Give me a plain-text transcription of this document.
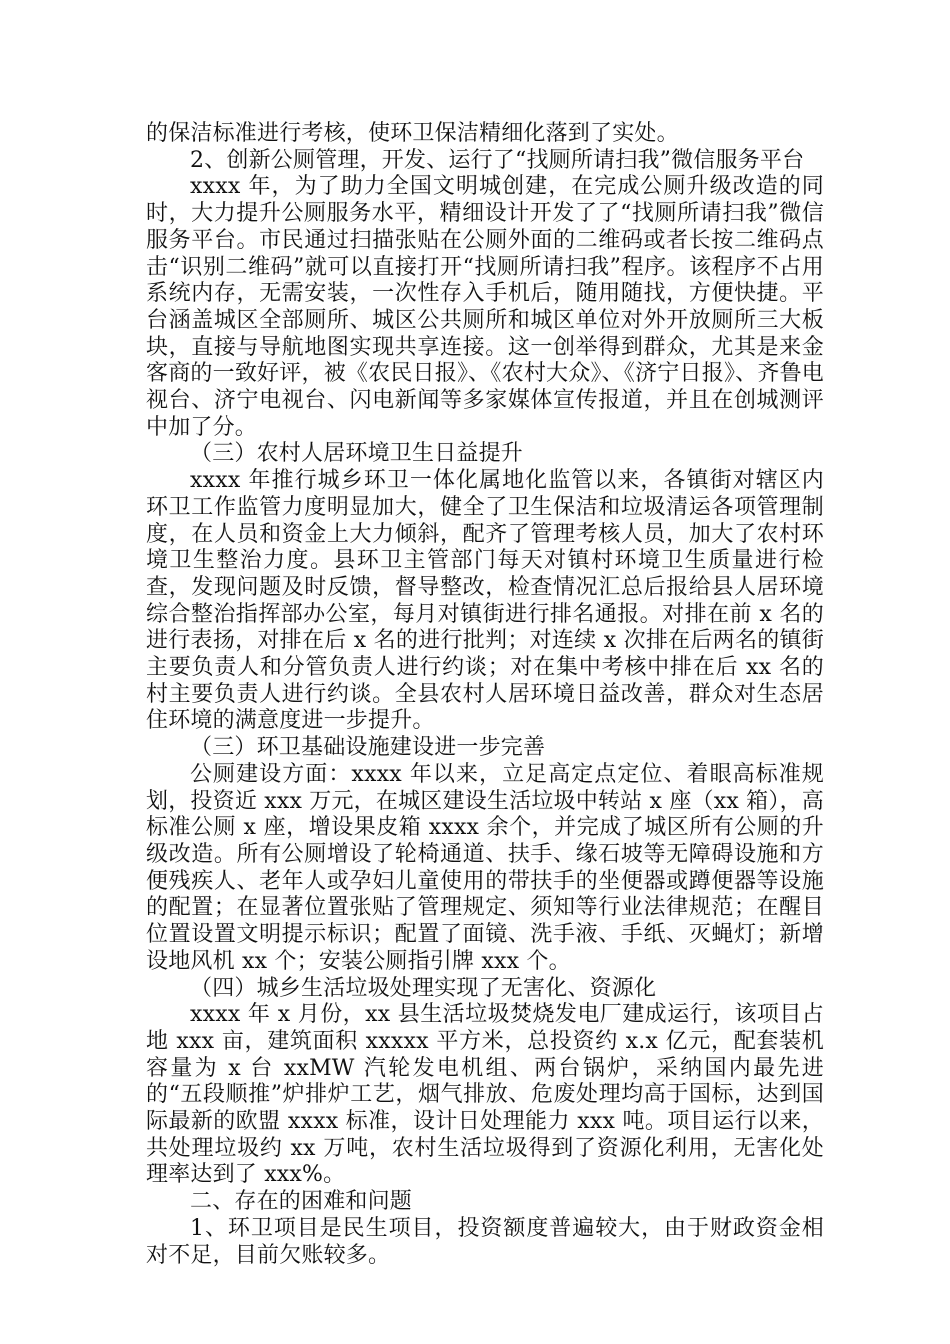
的保洁标准进行考核，使环卫保洁精细化落到了实处。

2、创新公厕管理，开发、运行了“找厕所请扫我”微信服务平台

xxxx 年，为了助力全国文明城创建，在完成公厕升级改造的同时，大力提升公厕服务水平，精细设计开发了了“找厕所请扫我”微信服务平台。市民通过扫描张贴在公厕外面的二维码或者长按二维码点击“识别二维码”就可以直接打开“找厕所请扫我”程序。该程序不占用系统内存，无需安装，一次性存入手机后，随用随找，方便快捷。平台涵盖城区全部厕所、城区公共厕所和城区单位对外开放厕所三大板块，直接与导航地图实现共享连接。这一创举得到群众，尤其是来金客商的一致好评，被《农民日报》、《农村大众》、《济宁日报》、齐鲁电视台、济宁电视台、闪电新闻等多家媒体宣传报道，并且在创城测评中加了分。

（三）农村人居环境卫生日益提升

xxxx 年推行城乡环卫一体化属地化监管以来，各镇街对辖区内环卫工作监管力度明显加大，健全了卫生保洁和垃圾清运各项管理制度，在人员和资金上大力倾斜，配齐了管理考核人员，加大了农村环境卫生整治力度。县环卫主管部门每天对镇村环境卫生质量进行检查，发现问题及时反馈，督导整改，检查情况汇总后报给县人居环境综合整治指挥部办公室，每月对镇街进行排名通报。对排在前 x 名的进行表扬，对排在后 x 名的进行批判；对连续 x 次排在后两名的镇街主要负责人和分管负责人进行约谈；对在集中考核中排在后 xx 名的村主要负责人进行约谈。全县农村人居环境日益改善，群众对生态居住环境的满意度进一步提升。

（三）环卫基础设施建设进一步完善

公厕建设方面：xxxx 年以来，立足高定点定位、着眼高标准规划，投资近 xxx 万元，在城区建设生活垃圾中转站 x 座（xx 箱），高标准公厕 x 座，增设果皮箱 xxxx 余个，并完成了城区所有公厕的升级改造。所有公厕增设了轮椅通道、扶手、缘石坡等无障碍设施和方便残疾人、老年人或孕妇儿童使用的带扶手的坐便器或蹲便器等设施的配置；在显著位置张贴了管理规定、须知等行业法律规范；在醒目位置设置文明提示标识；配置了面镜、洗手液、手纸、灭蝇灯；新增设地风机 xx 个；安装公厕指引牌 xxx 个。

（四）城乡生活垃圾处理实现了无害化、资源化

xxxx 年 x 月份，xx 县生活垃圾焚烧发电厂建成运行，该项目占地 xxx 亩，建筑面积 xxxxx 平方米，总投资约 x.x 亿元，配套装机容量为 x 台 xxMW 汽轮发电机组、两台锅炉，采纳国内最先进的“五段顺推”炉排炉工艺，烟气排放、危废处理均高于国标，达到国际最新的欧盟 xxxx 标准，设计日处理能力 xxx 吨。项目运行以来，共处理垃圾约 xx 万吨，农村生活垃圾得到了资源化利用，无害化处理率达到了 xxx%。

二、存在的困难和问题

1、环卫项目是民生项目，投资额度普遍较大，由于财政资金相对不足，目前欠账较多。
